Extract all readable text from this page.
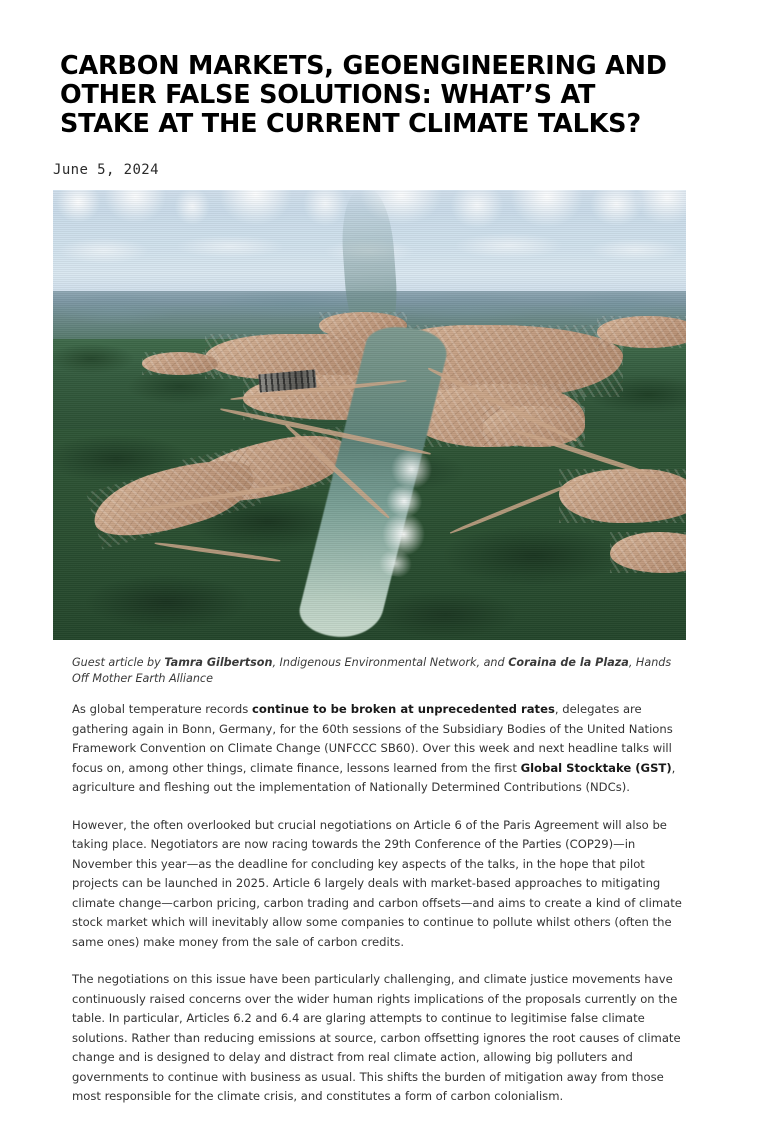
CARBON MARKETS, GEOENGINEERING AND OTHER FALSE SOLUTIONS: WHAT’S AT STAKE AT THE CURRENT CLIMATE TALKS?
June 5, 2024
Guest article by Tamra Gilbertson, Indigenous Environmental Network, and Coraina de la Plaza, Hands Off Mother Earth Alliance

As global temperature records continue to be broken at unprecedented rates, delegates are gathering again in Bonn, Germany, for the 60th sessions of the Subsidiary Bodies of the United Nations Framework Convention on Climate Change (UNFCCC SB60). Over this week and next headline talks will focus on, among other things, climate finance, lessons learned from the first Global Stocktake (GST), agriculture and fleshing out the implementation of Nationally Determined Contributions (NDCs).

However, the often overlooked but crucial negotiations on Article 6 of the Paris Agreement will also be taking place. Negotiators are now racing towards the 29th Conference of the Parties (COP29)—in November this year—as the deadline for concluding key aspects of the talks, in the hope that pilot projects can be launched in 2025. Article 6 largely deals with market-based approaches to mitigating climate change—carbon pricing, carbon trading and carbon offsets—and aims to create a kind of climate stock market which will inevitably allow some companies to continue to pollute whilst others (often the same ones) make money from the sale of carbon credits.

The negotiations on this issue have been particularly challenging, and climate justice movements have continuously raised concerns over the wider human rights implications of the proposals currently on the table. In particular, Articles 6.2 and 6.4 are glaring attempts to continue to legitimise false climate solutions. Rather than reducing emissions at source, carbon offsetting ignores the root causes of climate change and is designed to delay and distract from real climate action, allowing big polluters and governments to continue with business as usual. This shifts the burden of mitigation away from those most responsible for the climate crisis, and constitutes a form of carbon colonialism.
